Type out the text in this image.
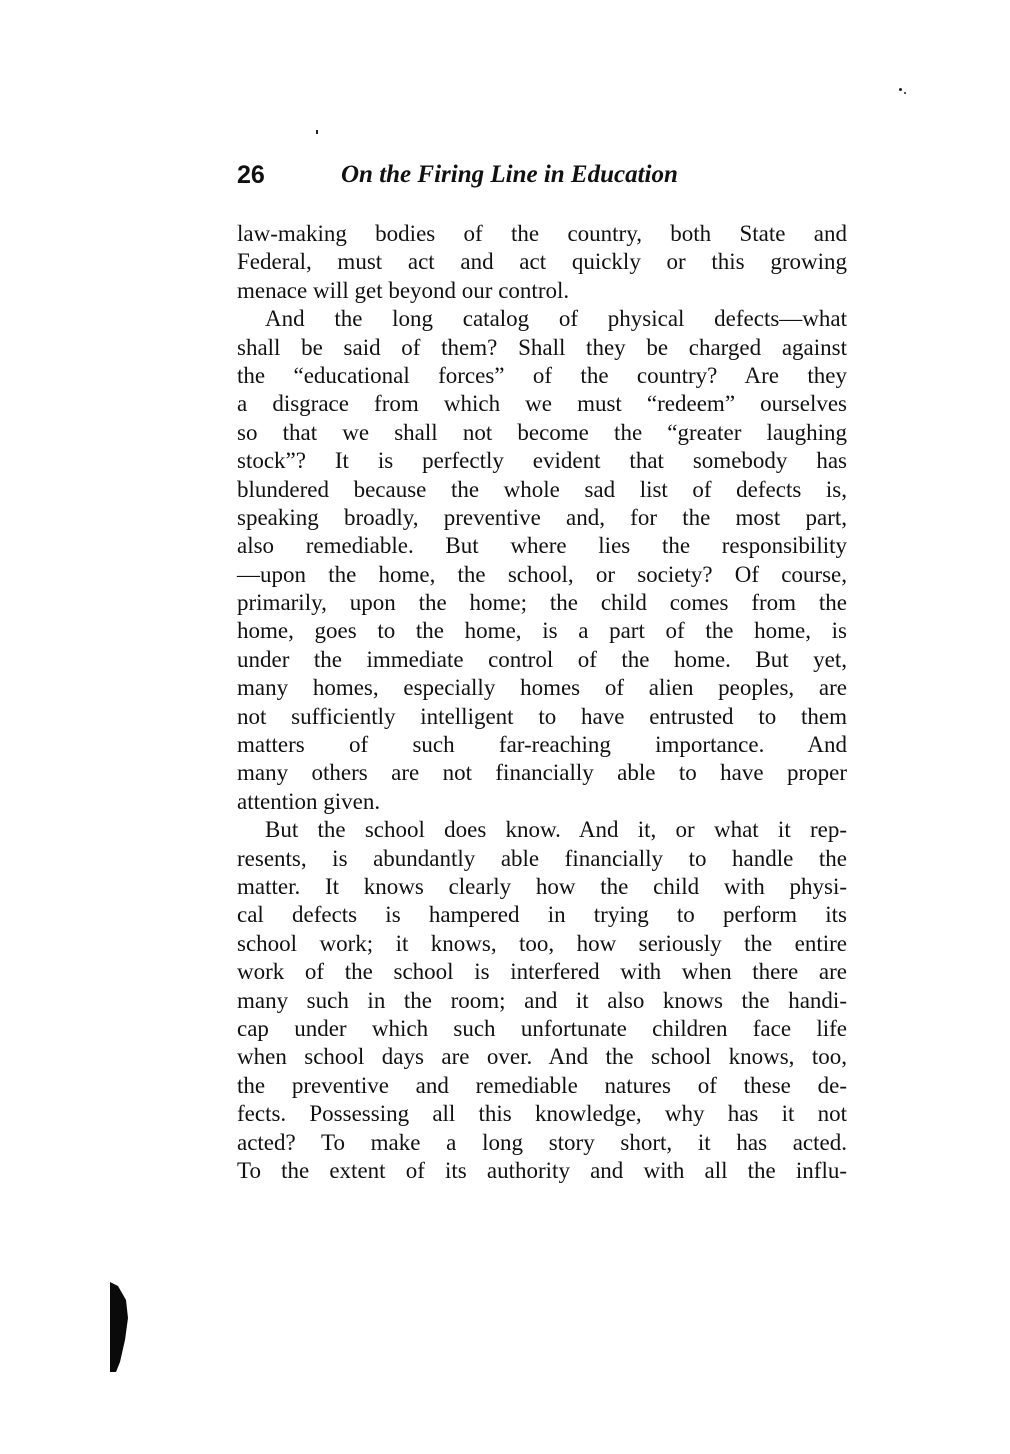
26	On the Firing Line in Education
law-making bodies of the country, both State and
Federal, must act and act quickly or this growing
menace will get beyond our control.
And the long catalog of physical defects—what
shall be said of them? Shall they be charged against
the “educational forces” of the country? Are they
a disgrace from which we must “redeem” ourselves
so that we shall not become the “greater laughing
stock”? It is perfectly evident that somebody has
blundered because the whole sad list of defects is,
speaking broadly, preventive and, for the most part,
also remediable. But where lies the responsibility
—upon the home, the school, or society? Of course,
primarily, upon the home; the child comes from the
home, goes to the home, is a part of the home, is
under the immediate control of the home. But yet,
many homes, especially homes of alien peoples, are
not sufficiently intelligent to have entrusted to them
matters of such far-reaching importance. And
many others are not financially able to have proper
attention given.
But the school does know. And it, or what it rep-
resents, is abundantly able financially to handle the
matter. It knows clearly how the child with physi-
cal defects is hampered in trying to perform its
school work; it knows, too, how seriously the entire
work of the school is interfered with when there are
many such in the room; and it also knows the handi-
cap under which such unfortunate children face life
when school days are over. And the school knows, too,
the preventive and remediable natures of these de-
fects. Possessing all this knowledge, why has it not
acted? To make a long story short, it has acted.
To the extent of its authority and with all the influ-
